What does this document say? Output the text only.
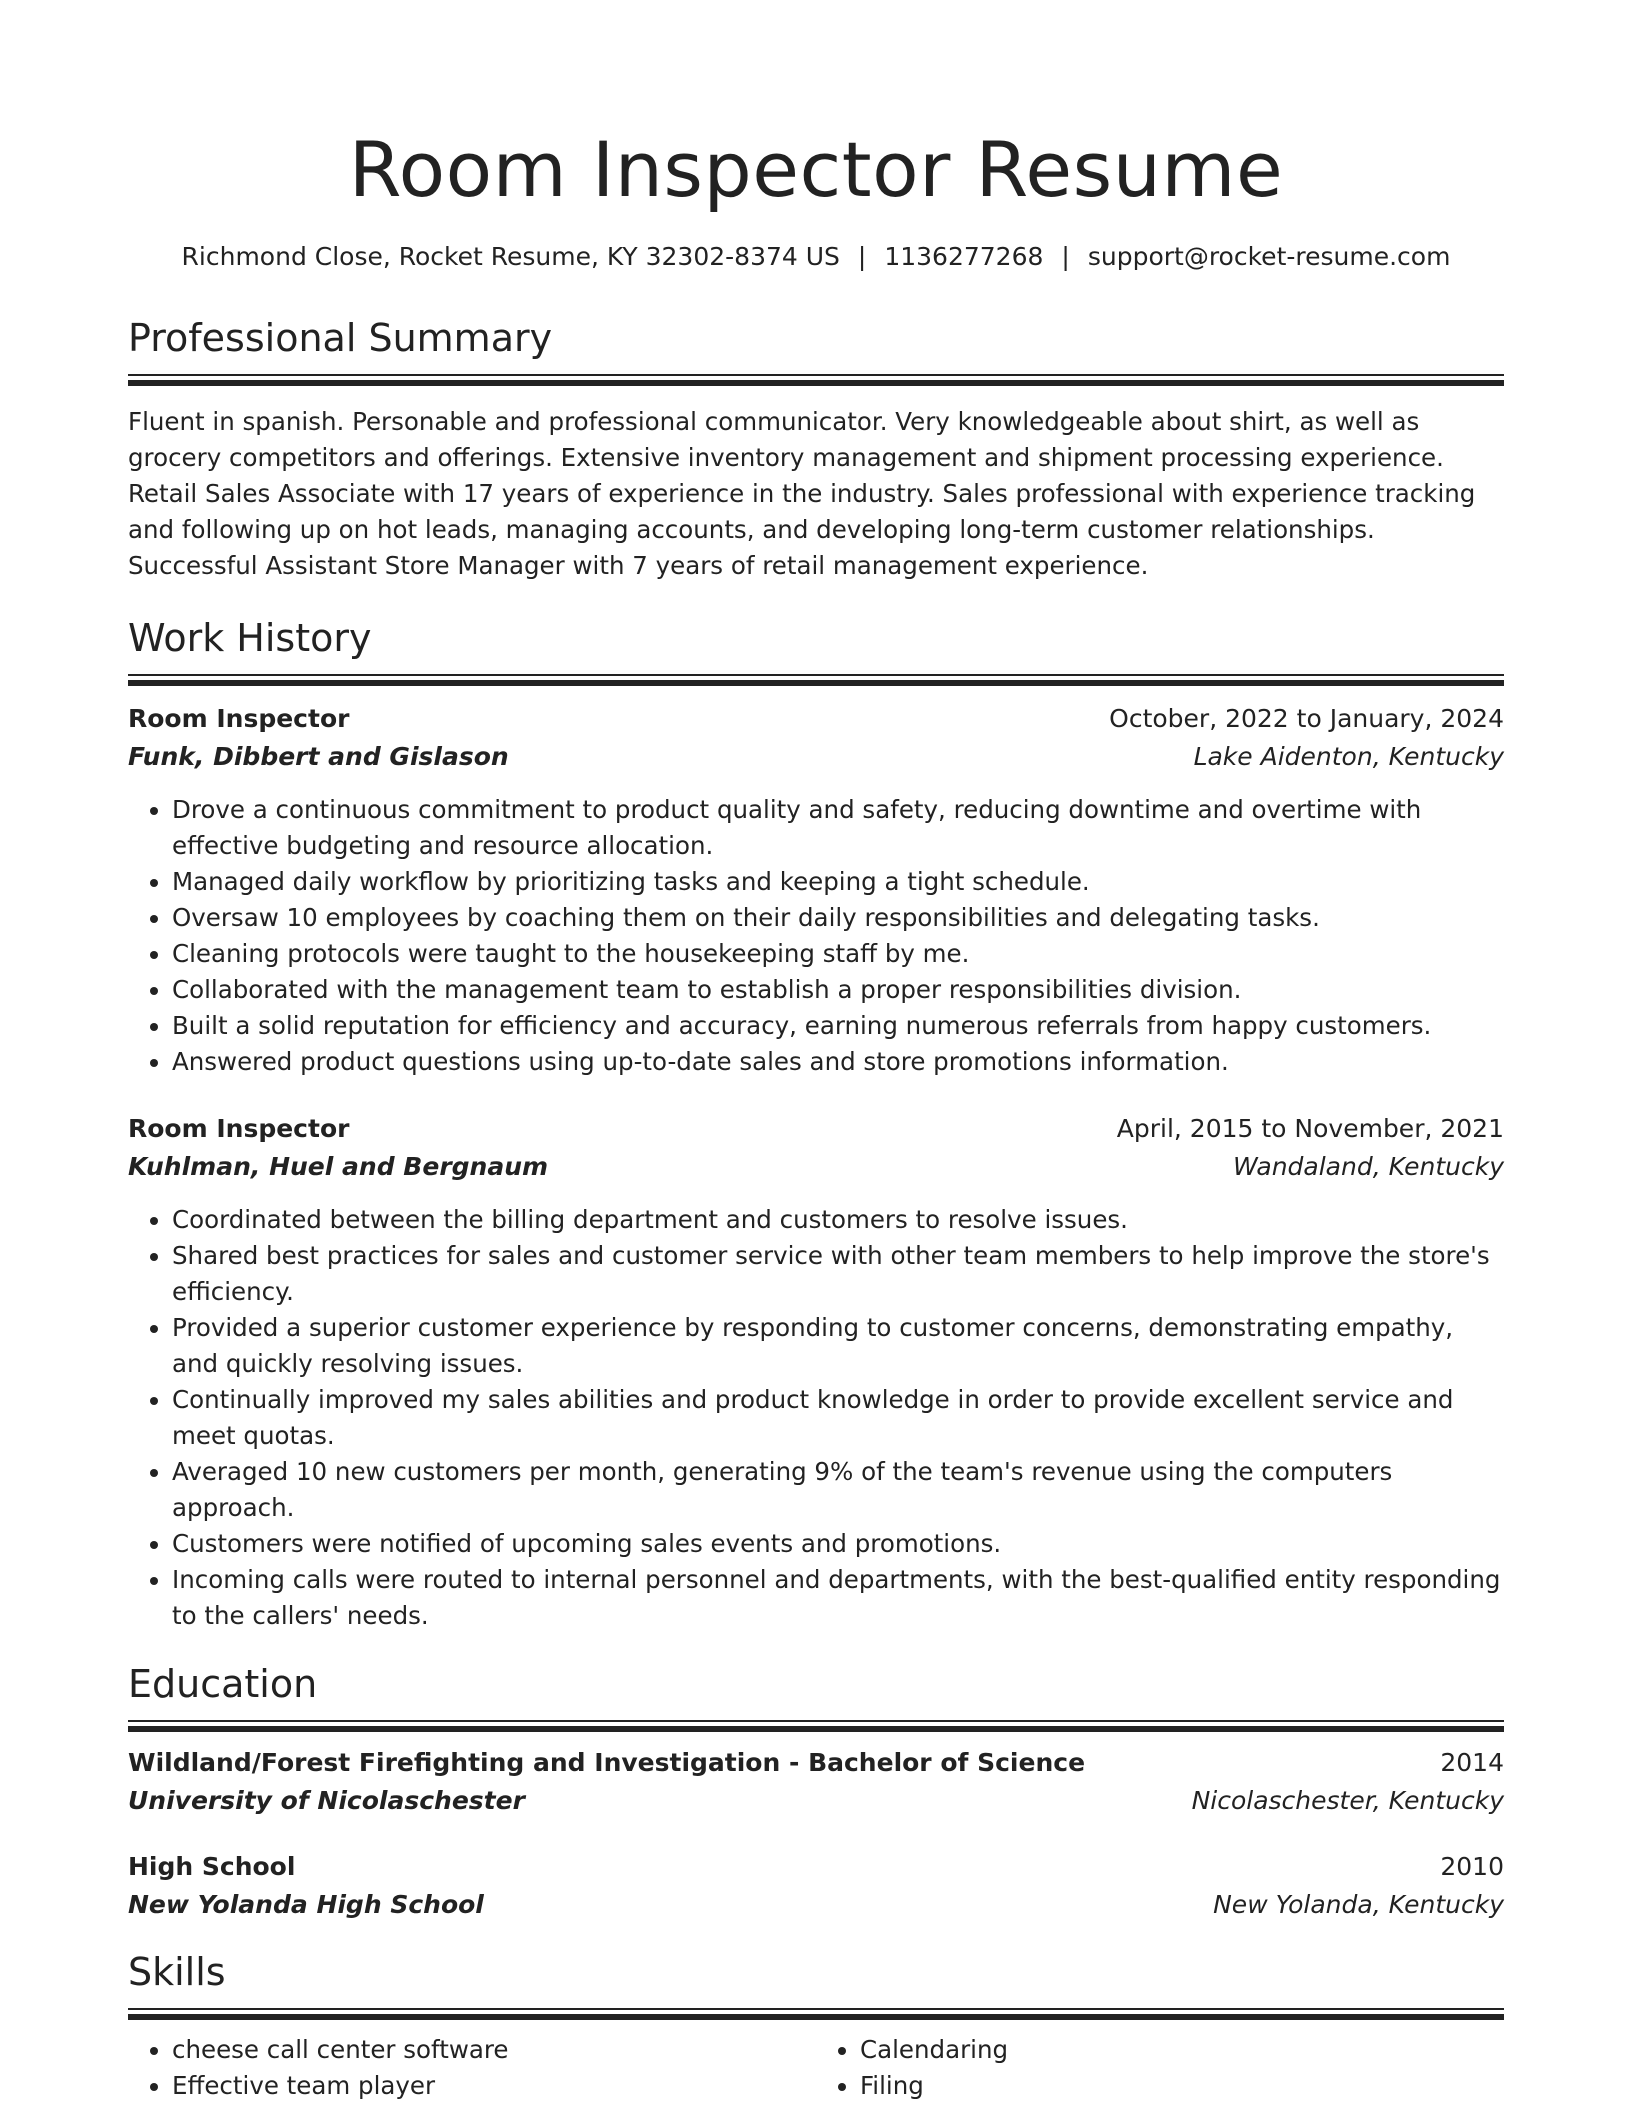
Room Inspector Resume
Richmond Close, Rocket Resume, KY 32302-8374 US | 1136277268 | support@rocket-resume.com
Professional Summary
Fluent in spanish. Personable and professional communicator. Very knowledgeable about shirt, as well as grocery competitors and offerings. Extensive inventory management and shipment processing experience. Retail Sales Associate with 17 years of experience in the industry. Sales professional with experience tracking and following up on hot leads, managing accounts, and developing long-term customer relationships. Successful Assistant Store Manager with 7 years of retail management experience.
Work History
Room Inspector	October, 2022 to January, 2024
Funk, Dibbert and Gislason	Lake Aidenton, Kentucky
• Drove a continuous commitment to product quality and safety, reducing downtime and overtime with effective budgeting and resource allocation.
• Managed daily workflow by prioritizing tasks and keeping a tight schedule.
• Oversaw 10 employees by coaching them on their daily responsibilities and delegating tasks.
• Cleaning protocols were taught to the housekeeping staff by me.
• Collaborated with the management team to establish a proper responsibilities division.
• Built a solid reputation for efficiency and accuracy, earning numerous referrals from happy customers.
• Answered product questions using up-to-date sales and store promotions information.
Room Inspector	April, 2015 to November, 2021
Kuhlman, Huel and Bergnaum	Wandaland, Kentucky
• Coordinated between the billing department and customers to resolve issues.
• Shared best practices for sales and customer service with other team members to help improve the store's efficiency.
• Provided a superior customer experience by responding to customer concerns, demonstrating empathy, and quickly resolving issues.
• Continually improved my sales abilities and product knowledge in order to provide excellent service and meet quotas.
• Averaged 10 new customers per month, generating 9% of the team's revenue using the computers approach.
• Customers were notified of upcoming sales events and promotions.
• Incoming calls were routed to internal personnel and departments, with the best-qualified entity responding to the callers' needs.
Education
Wildland/Forest Firefighting and Investigation - Bachelor of Science	2014
University of Nicolaschester	Nicolaschester, Kentucky
High School	2010
New Yolanda High School	New Yolanda, Kentucky
Skills
• cheese call center software
• Effective team player
• Calendaring
• Filing
